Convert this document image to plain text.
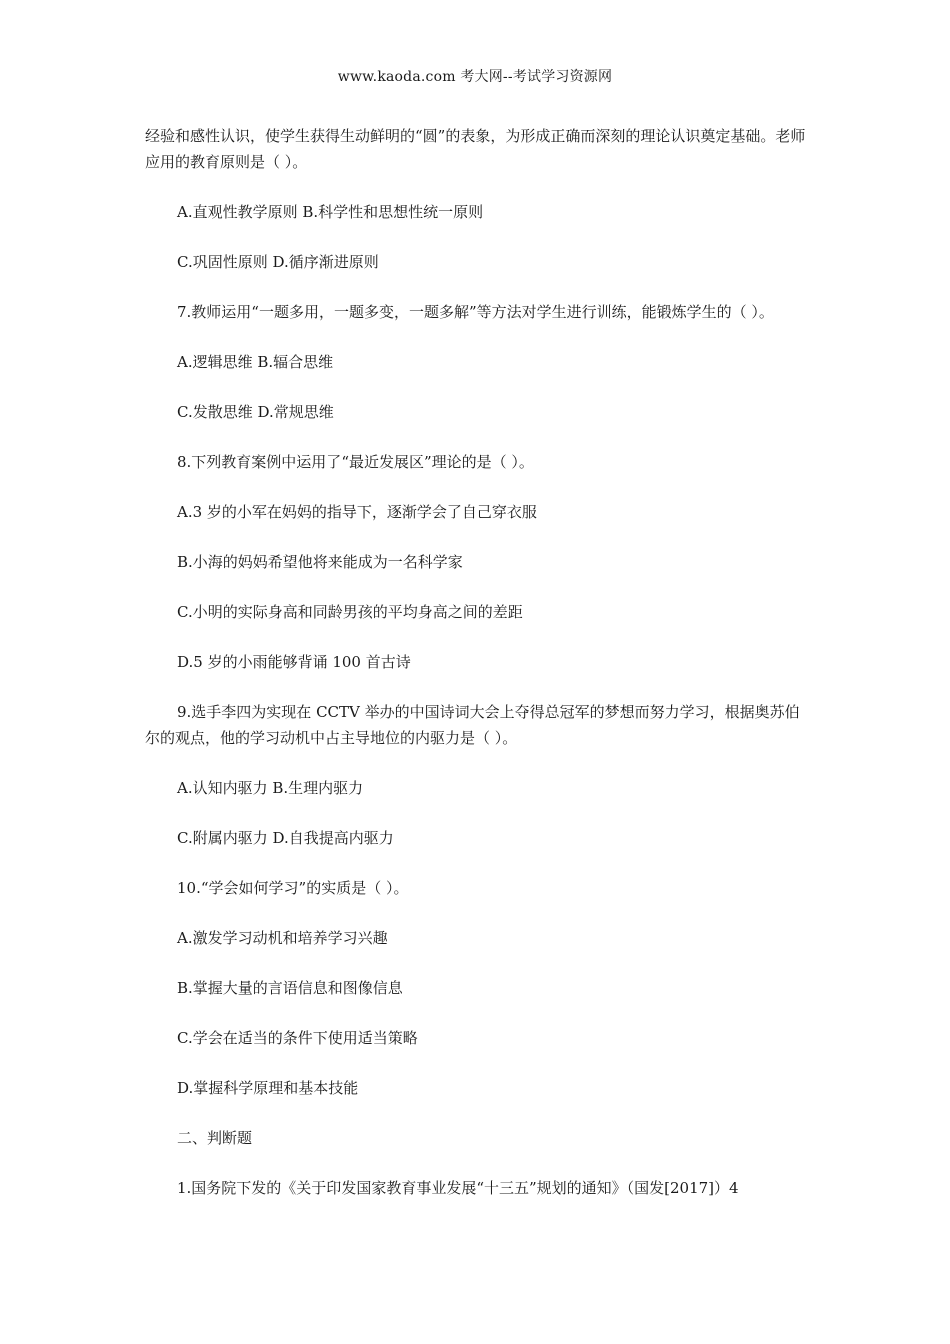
www.kaoda.com 考大网--考试学习资源网

经验和感性认识，使学生获得生动鲜明的“圆”的表象，为形成正确而深刻的理论认识奠定基础。老师应用的教育原则是（ ）。

A.直观性教学原则 B.科学性和思想性统一原则

C.巩固性原则 D.循序渐进原则

7.教师运用“一题多用，一题多变，一题多解”等方法对学生进行训练，能锻炼学生的（ ）。

A.逻辑思维 B.辐合思维

C.发散思维 D.常规思维

8.下列教育案例中运用了“最近发展区”理论的是（ ）。

A.3 岁的小军在妈妈的指导下，逐渐学会了自己穿衣服

B.小海的妈妈希望他将来能成为一名科学家

C.小明的实际身高和同龄男孩的平均身高之间的差距

D.5 岁的小雨能够背诵 100 首古诗

9.选手李四为实现在 CCTV 举办的中国诗词大会上夺得总冠军的梦想而努力学习，根据奥苏伯尔的观点，他的学习动机中占主导地位的内驱力是（ ）。

A.认知内驱力 B.生理内驱力

C.附属内驱力 D.自我提高内驱力

10.“学会如何学习”的实质是（ ）。

A.激发学习动机和培养学习兴趣

B.掌握大量的言语信息和图像信息

C.学会在适当的条件下使用适当策略

D.掌握科学原理和基本技能

二、判断题

1.国务院下发的《关于印发国家教育事业发展“十三五”规划的通知》（国发[2017]）4
